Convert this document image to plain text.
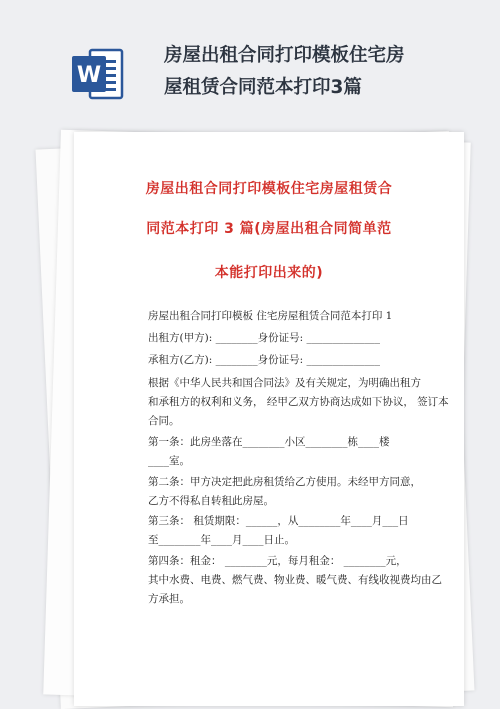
W
房屋出租合同打印模板住宅房
屋租赁合同范本打印3篇
房屋出租合同打印模板住宅房屋租赁合
同范本打印 3 篇(房屋出租合同简单范
本能打印出来的)
房屋出租合同打印模板 住宅房屋租赁合同范本打印 1
出租方(甲方): ________身份证号: ______________
承租方(乙方): ________身份证号: ______________
根据《中华人民共和国合同法》及有关规定，为明确出租方
和承租方的权利和义务， 经甲乙双方协商达成如下协议， 签订本
合同。
第一条：此房坐落在________小区________栋____楼
____室。
第二条：甲方决定把此房租赁给乙方使用。未经甲方同意，
乙方不得私自转租此房屋。
第三条： 租赁期限：______，从________年____月___日
至________年____月____日止。
第四条：租金： ________元，每月租金： ________元，
其中水费、电费、燃气费、物业费、暖气费、有线收视费均由乙
方承担。
